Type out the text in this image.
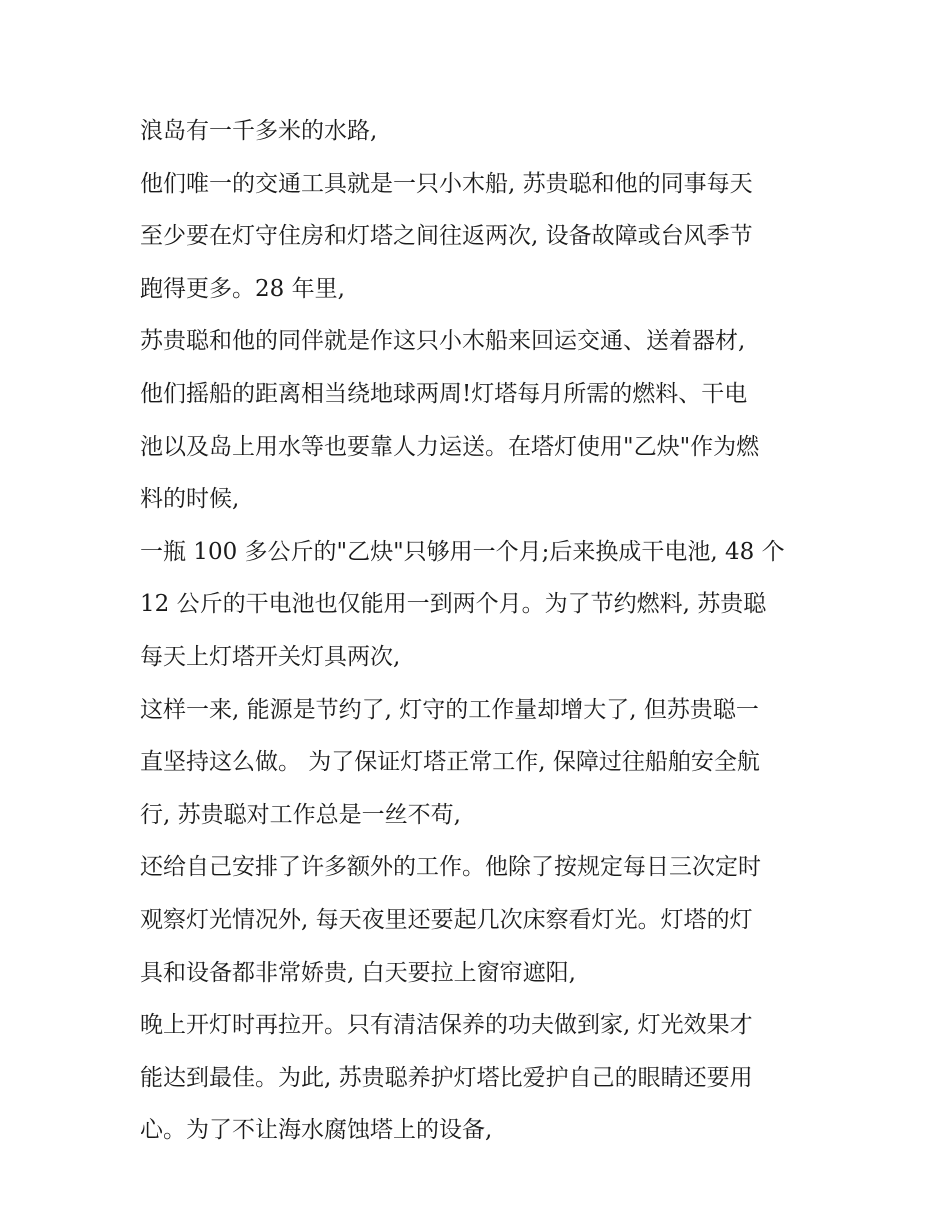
浪岛有一千多米的水路,
他们唯一的交通工具就是一只小木船, 苏贵聪和他的同事每天
至少要在灯守住房和灯塔之间往返两次, 设备故障或台风季节
跑得更多。28 年里,
苏贵聪和他的同伴就是作这只小木船来回运交通、送着器材,
他们摇船的距离相当绕地球两周!灯塔每月所需的燃料、干电
池以及岛上用水等也要靠人力运送。在塔灯使用"乙炔"作为燃
料的时候,
一瓶 100 多公斤的"乙炔"只够用一个月;后来换成干电池, 48 个
12 公斤的干电池也仅能用一到两个月。为了节约燃料, 苏贵聪
每天上灯塔开关灯具两次,
这样一来, 能源是节约了, 灯守的工作量却增大了, 但苏贵聪一
直坚持这么做。 为了保证灯塔正常工作, 保障过往船舶安全航
行, 苏贵聪对工作总是一丝不苟,
还给自己安排了许多额外的工作。他除了按规定每日三次定时
观察灯光情况外, 每天夜里还要起几次床察看灯光。灯塔的灯
具和设备都非常娇贵, 白天要拉上窗帘遮阳,
晚上开灯时再拉开。只有清洁保养的功夫做到家, 灯光效果才
能达到最佳。为此, 苏贵聪养护灯塔比爱护自己的眼睛还要用
心。为了不让海水腐蚀塔上的设备,
